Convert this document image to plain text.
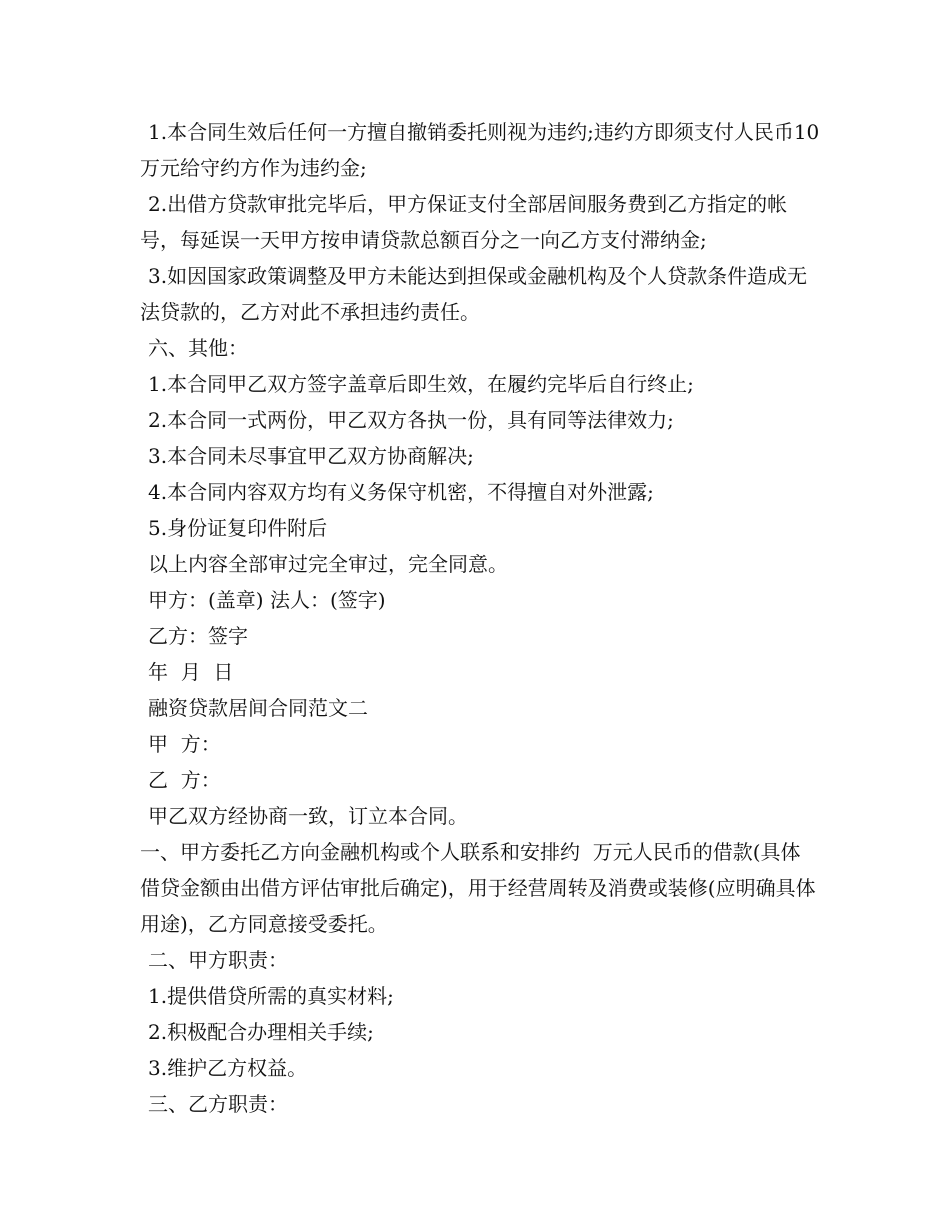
1.本合同生效后任何一方擅自撤销委托则视为违约;违约方即须支付人民币10万元给守约方作为违约金;

2.出借方贷款审批完毕后，甲方保证支付全部居间服务费到乙方指定的帐号，每延误一天甲方按申请贷款总额百分之一向乙方支付滞纳金;

3.如因国家政策调整及甲方未能达到担保或金融机构及个人贷款条件造成无法贷款的，乙方对此不承担违约责任。

六、其他：

1.本合同甲乙双方签字盖章后即生效，在履约完毕后自行终止;

2.本合同一式两份，甲乙双方各执一份，具有同等法律效力;

3.本合同未尽事宜甲乙双方协商解决;

4.本合同内容双方均有义务保守机密，不得擅自对外泄露;

5.身份证复印件附后

以上内容全部审过完全审过，完全同意。

甲方：(盖章) 法人：(签字)

乙方：签字

年  月  日

融资贷款居间合同范文二

甲  方：

乙  方：

甲乙双方经协商一致，订立本合同。

一、甲方委托乙方向金融机构或个人联系和安排约  万元人民币的借款(具体借贷金额由出借方评估审批后确定)，用于经营周转及消费或装修(应明确具体用途)，乙方同意接受委托。

二、甲方职责：

1.提供借贷所需的真实材料;

2.积极配合办理相关手续;

3.维护乙方权益。

三、乙方职责：
